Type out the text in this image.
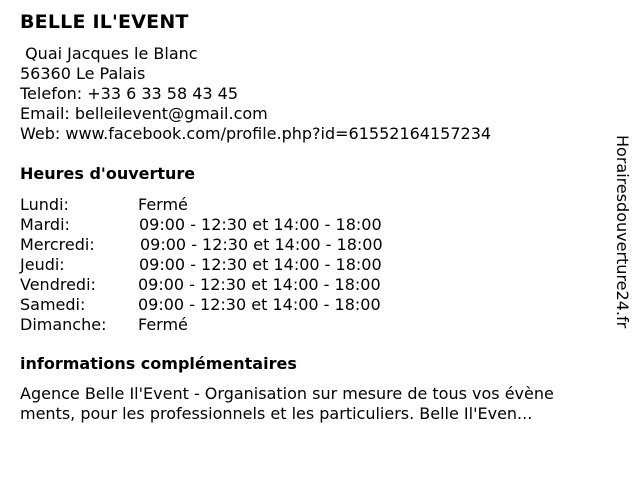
BELLE IL'EVENT
Quai Jacques le Blanc
56360 Le Palais
Telefon: +33 6 33 58 43 45
Email: belleilevent@gmail.com
Web: www.facebook.com/profile.php?id=61552164157234
Heures d'ouverture
Lundi:	Fermé
Mardi:	09:00 - 12:30 et 14:00 - 18:00
Mercredi:	09:00 - 12:30 et 14:00 - 18:00
Jeudi:	09:00 - 12:30 et 14:00 - 18:00
Vendredi:	09:00 - 12:30 et 14:00 - 18:00
Samedi:	09:00 - 12:30 et 14:00 - 18:00
Dimanche: Fermé
informations complémentaires
Agence Belle Il'Event - Organisation sur mesure de tous vos évène
ments, pour les professionnels et les particuliers. Belle Il'Even...
Horairesdouverture24.fr
